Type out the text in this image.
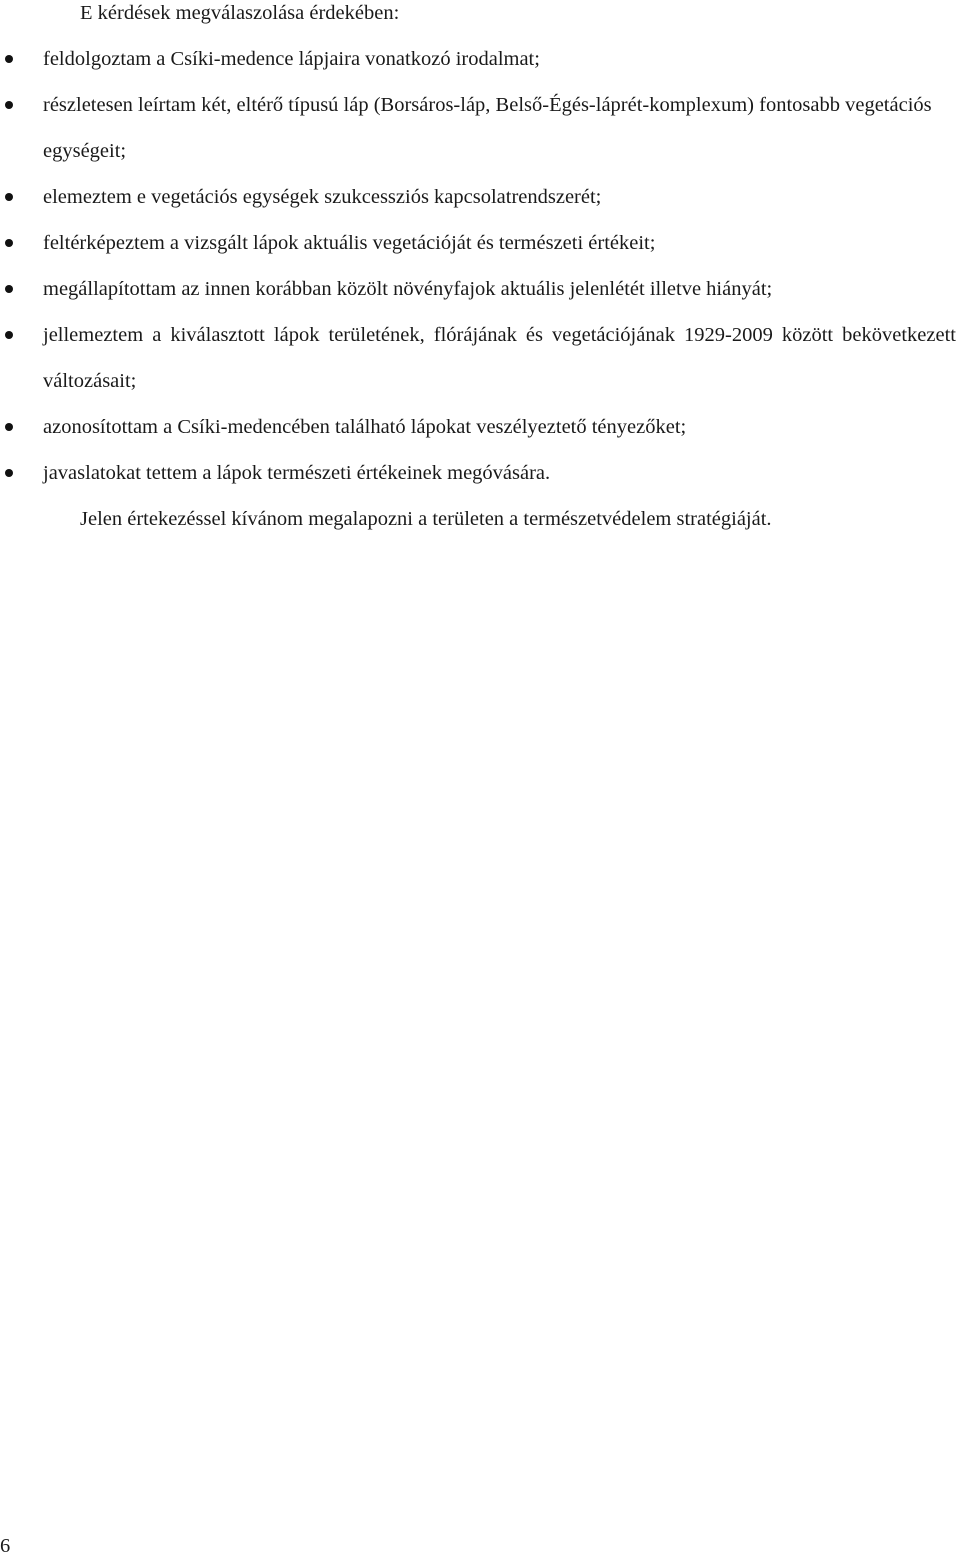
E kérdések megválaszolása érdekében:
feldolgoztam a Csíki-medence lápjaira vonatkozó irodalmat;
részletesen leírtam két, eltérő típusú láp (Borsáros-láp, Belső-Égés-láprét-komplexum) fontosabb vegetációs egységeit;
elemeztem e vegetációs egységek szukcessziós kapcsolatrendszerét;
feltérképeztem a vizsgált lápok aktuális vegetációját és természeti értékeit;
megállapítottam az innen korábban közölt növényfajok aktuális jelenlétét illetve hiányát;
jellemeztem a kiválasztott lápok területének, flórájának és vegetációjának 1929-2009 között bekövetkezett változásait;
azonosítottam a Csíki-medencében található lápokat veszélyeztető tényezőket;
javaslatokat tettem a lápok természeti értékeinek megóvására.
Jelen értekezéssel kívánom megalapozni a területen a természetvédelem stratégiáját.
6
